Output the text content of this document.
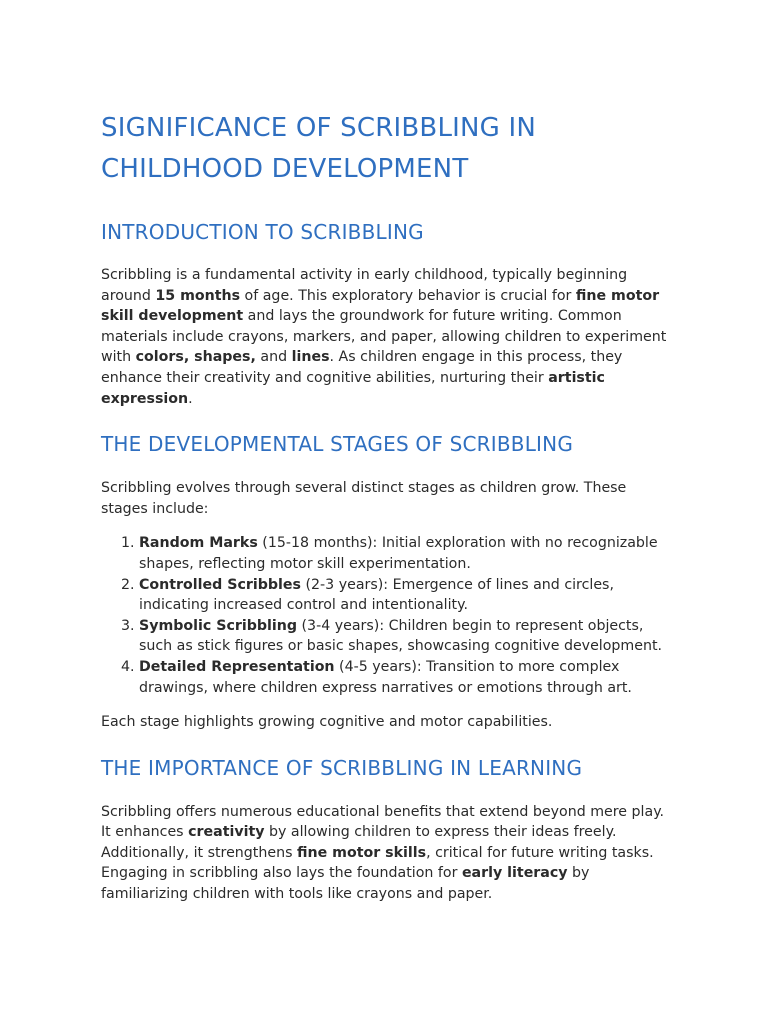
SIGNIFICANCE OF SCRIBBLING IN CHILDHOOD DEVELOPMENT
INTRODUCTION TO SCRIBBLING

Scribbling is a fundamental activity in early childhood, typically beginning around 15 months of age. This exploratory behavior is crucial for fine motor skill development and lays the groundwork for future writing. Common materials include crayons, markers, and paper, allowing children to experiment with colors, shapes, and lines. As children engage in this process, they enhance their creativity and cognitive abilities, nurturing their artistic expression.

THE DEVELOPMENTAL STAGES OF SCRIBBLING

Scribbling evolves through several distinct stages as children grow. These stages include:

1. Random Marks (15-18 months): Initial exploration with no recognizable shapes, reflecting motor skill experimentation.
2. Controlled Scribbles (2-3 years): Emergence of lines and circles, indicating increased control and intentionality.
3. Symbolic Scribbling (3-4 years): Children begin to represent objects, such as stick figures or basic shapes, showcasing cognitive development.
4. Detailed Representation (4-5 years): Transition to more complex drawings, where children express narratives or emotions through art.

Each stage highlights growing cognitive and motor capabilities.

THE IMPORTANCE OF SCRIBBLING IN LEARNING

Scribbling offers numerous educational benefits that extend beyond mere play. It enhances creativity by allowing children to express their ideas freely. Additionally, it strengthens fine motor skills, critical for future writing tasks. Engaging in scribbling also lays the foundation for early literacy by familiarizing children with tools like crayons and paper.
